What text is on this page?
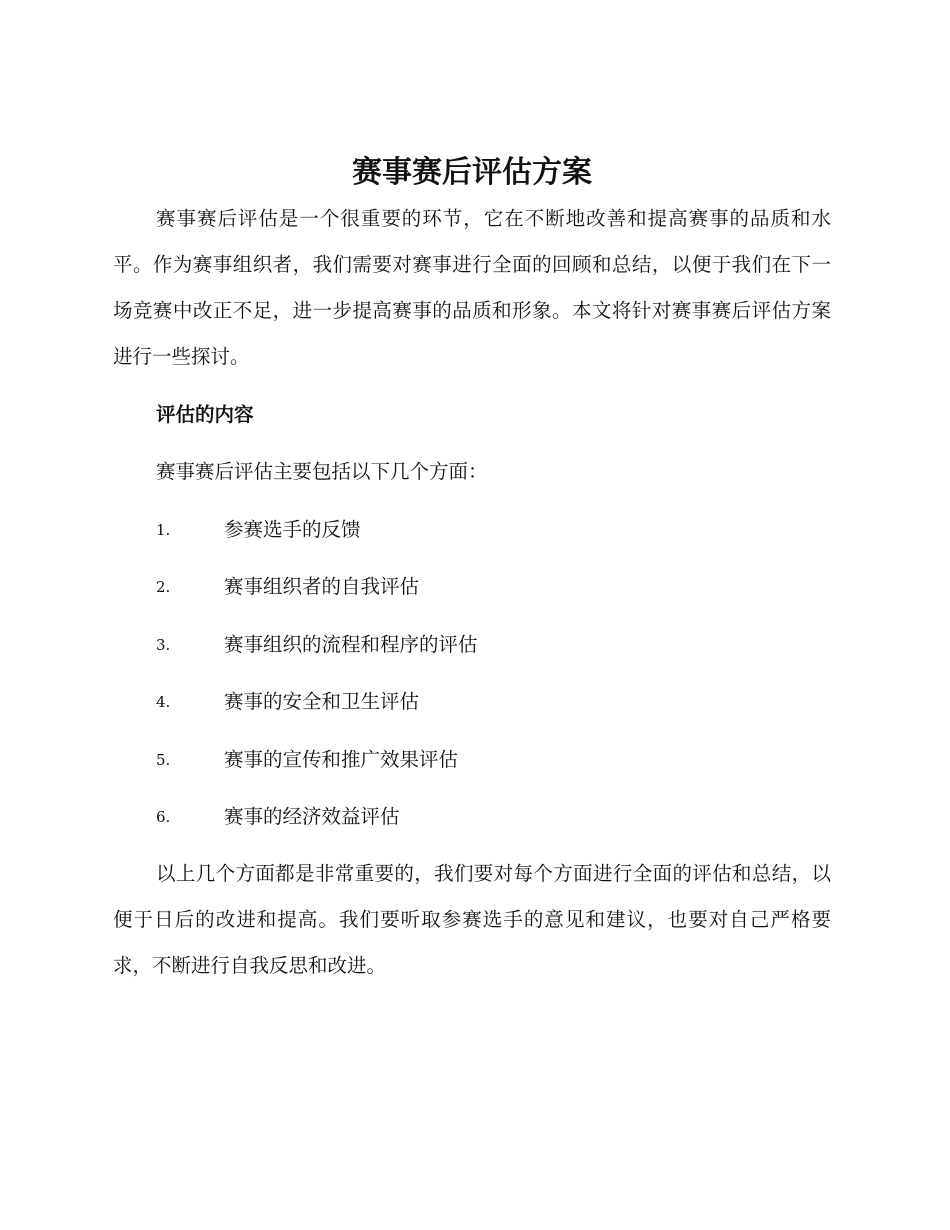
赛事赛后评估方案

赛事赛后评估是一个很重要的环节，它在不断地改善和提高赛事的品质和水平。作为赛事组织者，我们需要对赛事进行全面的回顾和总结，以便于我们在下一场竞赛中改正不足，进一步提高赛事的品质和形象。本文将针对赛事赛后评估方案进行一些探讨。

评估的内容

赛事赛后评估主要包括以下几个方面：

1.	参赛选手的反馈
2.	赛事组织者的自我评估
3.	赛事组织的流程和程序的评估
4.	赛事的安全和卫生评估
5.	赛事的宣传和推广效果评估
6.	赛事的经济效益评估

以上几个方面都是非常重要的，我们要对每个方面进行全面的评估和总结，以便于日后的改进和提高。我们要听取参赛选手的意见和建议，也要对自己严格要求，不断进行自我反思和改进。
